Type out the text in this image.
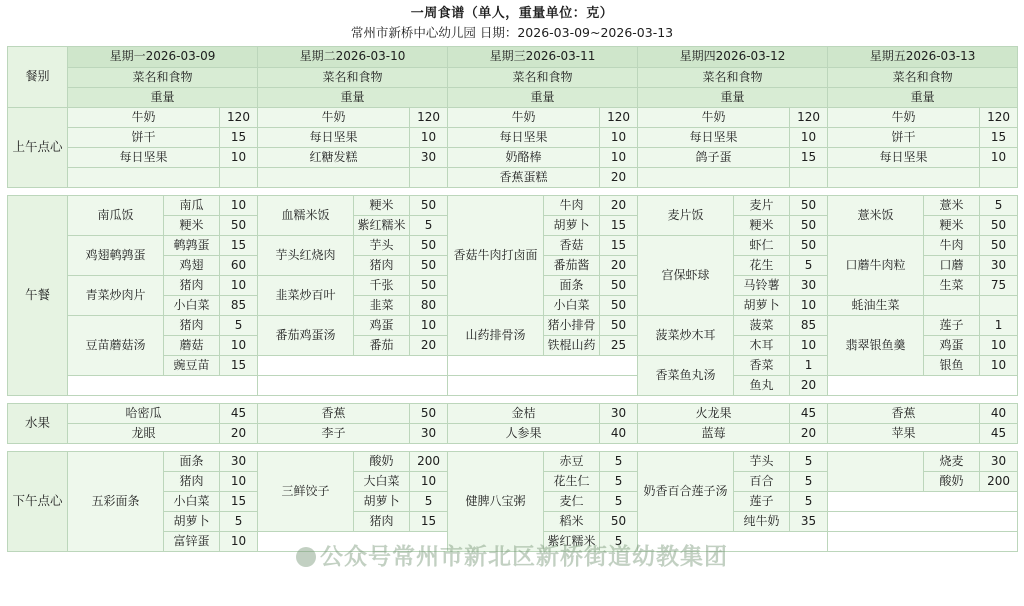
一周食谱（单人，重量单位：克）
常州市新桥中心幼儿园 日期：2026-03-09~2026-03-13
餐别	星期一2026-03-09			星期二2026-03-10			星期三2026-03-11			星期四2026-03-12			星期五2026-03-13		
	菜名和食物			菜名和食物			菜名和食物			菜名和食物			菜名和食物		
	重量			重量			重量			重量			重量		
上午点心	牛奶		120	牛奶		120	牛奶		120	牛奶		120	牛奶		120
	饼干		15	每日坚果		10	每日坚果		10	每日坚果		10	饼干		15
	每日坚果		10	红糖发糕		30	奶酪棒		10	鸽子蛋		15	每日坚果		10
							香蕉蛋糕		20						

午餐	南瓜饭	南瓜	10	血糯米饭	粳米	50	香菇牛肉打卤面	牛肉	20	麦片饭	麦片	50	薏米饭	薏米	5
		粳米	50		紫红糯米	5		胡萝卜	15		粳米	50		粳米	50
	鸡翅鹌鹑蛋	鹌鹑蛋	15	芋头红烧肉	芋头	50		香菇	15	宫保虾球	虾仁	50	口蘑牛肉粒	牛肉	50
		鸡翅	60		猪肉	50		番茄酱	20		花生	5		口蘑	30
	青菜炒肉片	猪肉	10	韭菜炒百叶	千张	50		面条	50		马铃薯	30		生菜	75
		小白菜	85		韭菜	80		小白菜	50		胡萝卜	10	蚝油生菜		
	豆苗蘑菇汤	猪肉	5	番茄鸡蛋汤	鸡蛋	10	山药排骨汤	猪小排骨	50	菠菜炒木耳	菠菜	85	翡翠银鱼羹	莲子	1
		蘑菇	10		番茄	20		铁棍山药	25		木耳	10		鸡蛋	10
		豌豆苗	15							香菜鱼丸汤	香菜	1		银鱼	10
											鱼丸	20			

水果	哈密瓜		45	香蕉		50	金桔		30	火龙果		45	香蕉		40
	龙眼		20	李子		30	人参果		40	蓝莓		20	苹果		45

下午点心	五彩面条	面条	30	三鲜饺子	酸奶	200	健脾八宝粥	赤豆	5	奶香百合莲子汤	芋头	5		烧麦	30
		猪肉	10		大白菜	10		花生仁	5		百合	5		酸奶	200
		小白菜	15		胡萝卜	5		麦仁	5		莲子	5			
		胡萝卜	5		猪肉	15		稻米	50		纯牛奶	35			
		富锌蛋	10					紫红糯米	5						
公众号常州市新北区新桥街道幼教集团
